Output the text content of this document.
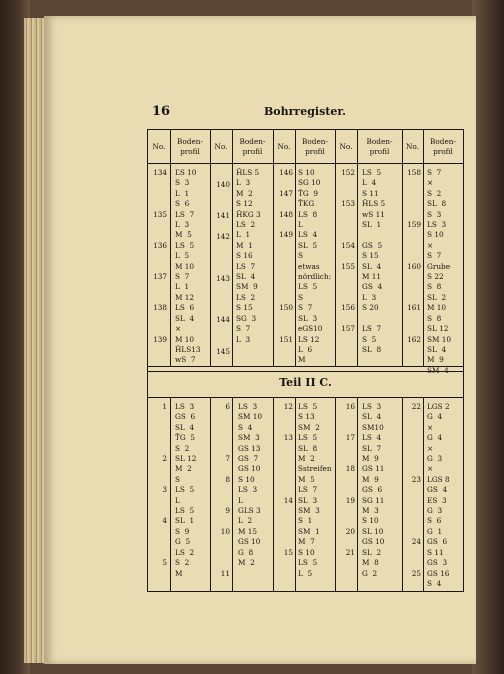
16	Bohrregister.
No.
Boden-
profil
No.
Boden-
profil
No.
Boden-
profil
No.
Boden-
profil
No.
Boden-
profil
134

135

136

137

138

139
ĽS 10
S  3
L  1
S  6
LS  7
L  3
M  5
LS  5
L  5
M 10
S  7
L  1
M 12
LS  6
SL  4
×
M 10
ȞLS13
wS  7
140

141

142

143

144

145
ȞLS 5
L  3
M  2
S 12
ȞKG 3
LS  2
L  1
M  1
S 16
LS  7
SL  4
SM  9
LS  2
S 15
SG  3
S  7
L  3
146

147

148

149

150

151
S 10
SG 10
ŤG  9
ŤKG
LS  8
L
LS  4
SL  5
S
etwas
nördlich:
LS  5
S
S  7
SL  3
eGS10
LS 12
L  6
M
152

153

154

155

156

157
LS  5
L  4
S 11
ȞLS 5
wS 11
SL  1

GS  5
S 15
SL  4
M 11
GS  4
L  3
S 20

LS  7
S  5
SL  8
158

159

160

161

162
S  7
×
S  2
SL  8
S  3
LS  3
S 10
×
S  7
Grube
S 22
S  8
SL  2
M 10
S  8
SL 12
SM 10
SL  4
M  9
SM  4
Teil II C.
1

2

3

4

5
LS  3
GS  6
SL  4
ŤG  5
S  2
SL 12
M  2
S
LS  5
L
LS  5
SL  1
S  9
G  5
LS  2
S  2
M
6

7

8

9

10

11
LS  3
SM 10
S  4
SM  3
GS 13
GS  7
GS 10
S 10
LS  3
L
GLS 3
L  2
M 15
GS 10
G  8
M  2
12

13

14

15
LS  5
S 13
SM  2
LS  5
SL  8
M  2
Sstreifen
M  5
LS  7
SL  3
SM  3
S  1
SM  1
M  7
S 10
LS  5
L  5
16

17

18

19

20

21
LS  3
SL  4
SM10
LS  4
SL  7
M  9
GS 11
M  9
GS  6
SG 11
M  3
S 10
SL 10
GS 10
SL  2
M  8
G  2
22

23

24

25
LGS 2
G  4
×
G  4
×
G  3
×
LGS 8
GS  4
ES  3
G  3
S  6
G  1
GS  6
S 11
GS  3
GS 16
S  4
